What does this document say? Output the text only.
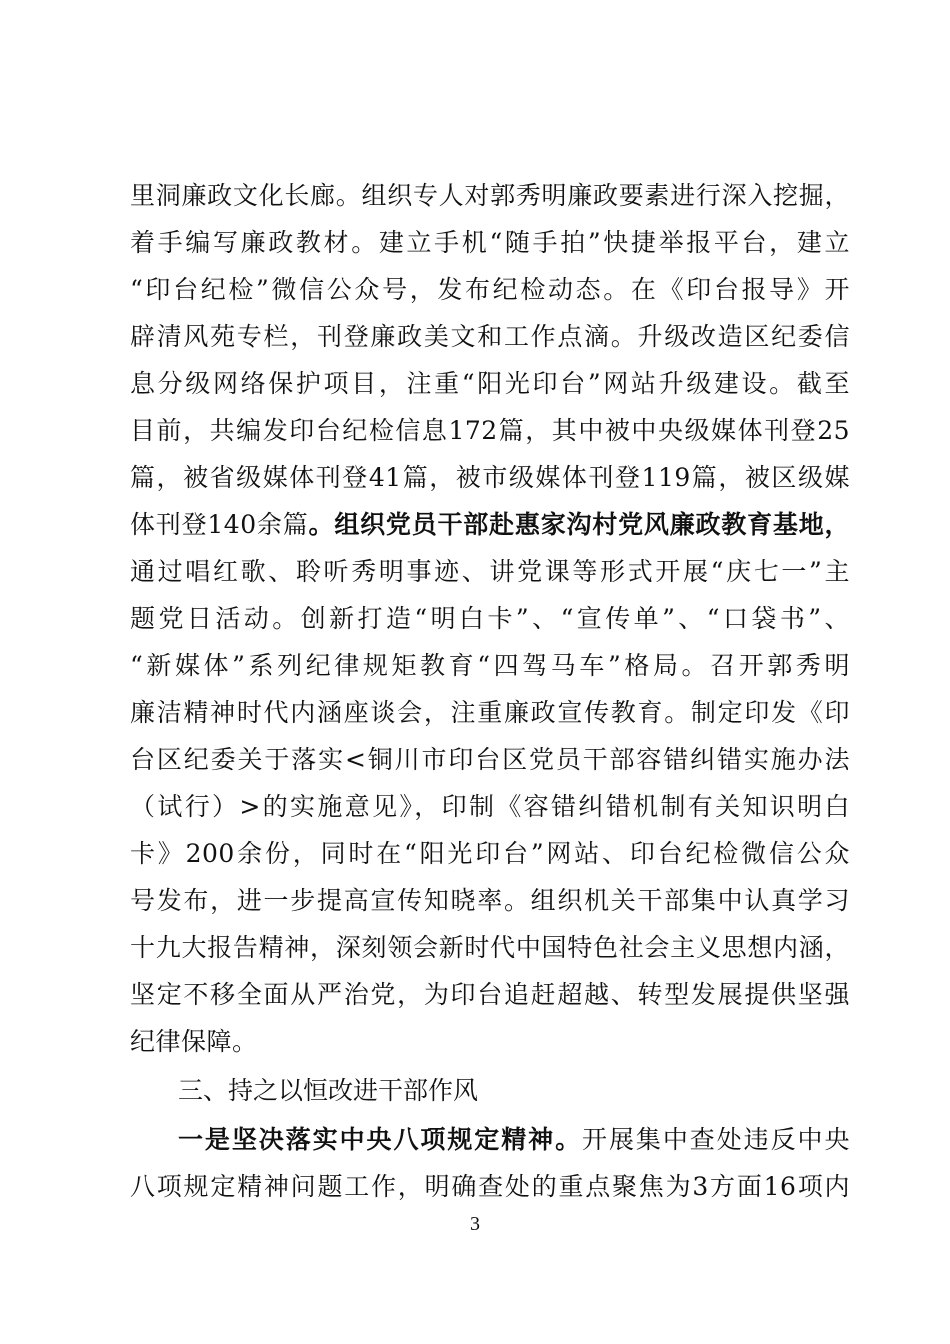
里洞廉政文化长廊。组织专人对郭秀明廉政要素进行深入挖掘，
着手编写廉政教材。建立手机“随手拍”快捷举报平台，建立
“印台纪检”微信公众号，发布纪检动态。在《印台报导》开
辟清风苑专栏，刊登廉政美文和工作点滴。升级改造区纪委信
息分级网络保护项目，注重“阳光印台”网站升级建设。截至
目前，共编发印台纪检信息172篇，其中被中央级媒体刊登25
篇，被省级媒体刊登41篇，被市级媒体刊登119篇，被区级媒
体刊登140余篇。组织党员干部赴惠家沟村党风廉政教育基地，
通过唱红歌、聆听秀明事迹、讲党课等形式开展“庆七一”主
题党日活动。创新打造“明白卡”、“宣传单”、“口袋书”、
“新媒体”系列纪律规矩教育“四驾马车”格局。召开郭秀明
廉洁精神时代内涵座谈会，注重廉政宣传教育。制定印发《印
台区纪委关于落实<铜川市印台区党员干部容错纠错实施办法
（试行）>的实施意见》，印制《容错纠错机制有关知识明白
卡》200余份，同时在“阳光印台”网站、印台纪检微信公众
号发布，进一步提高宣传知晓率。组织机关干部集中认真学习
十九大报告精神，深刻领会新时代中国特色社会主义思想内涵，
坚定不移全面从严治党，为印台追赶超越、转型发展提供坚强
纪律保障。
三、持之以恒改进干部作风
一是坚决落实中央八项规定精神。开展集中查处违反中央
八项规定精神问题工作，明确查处的重点聚焦为3方面16项内
3
